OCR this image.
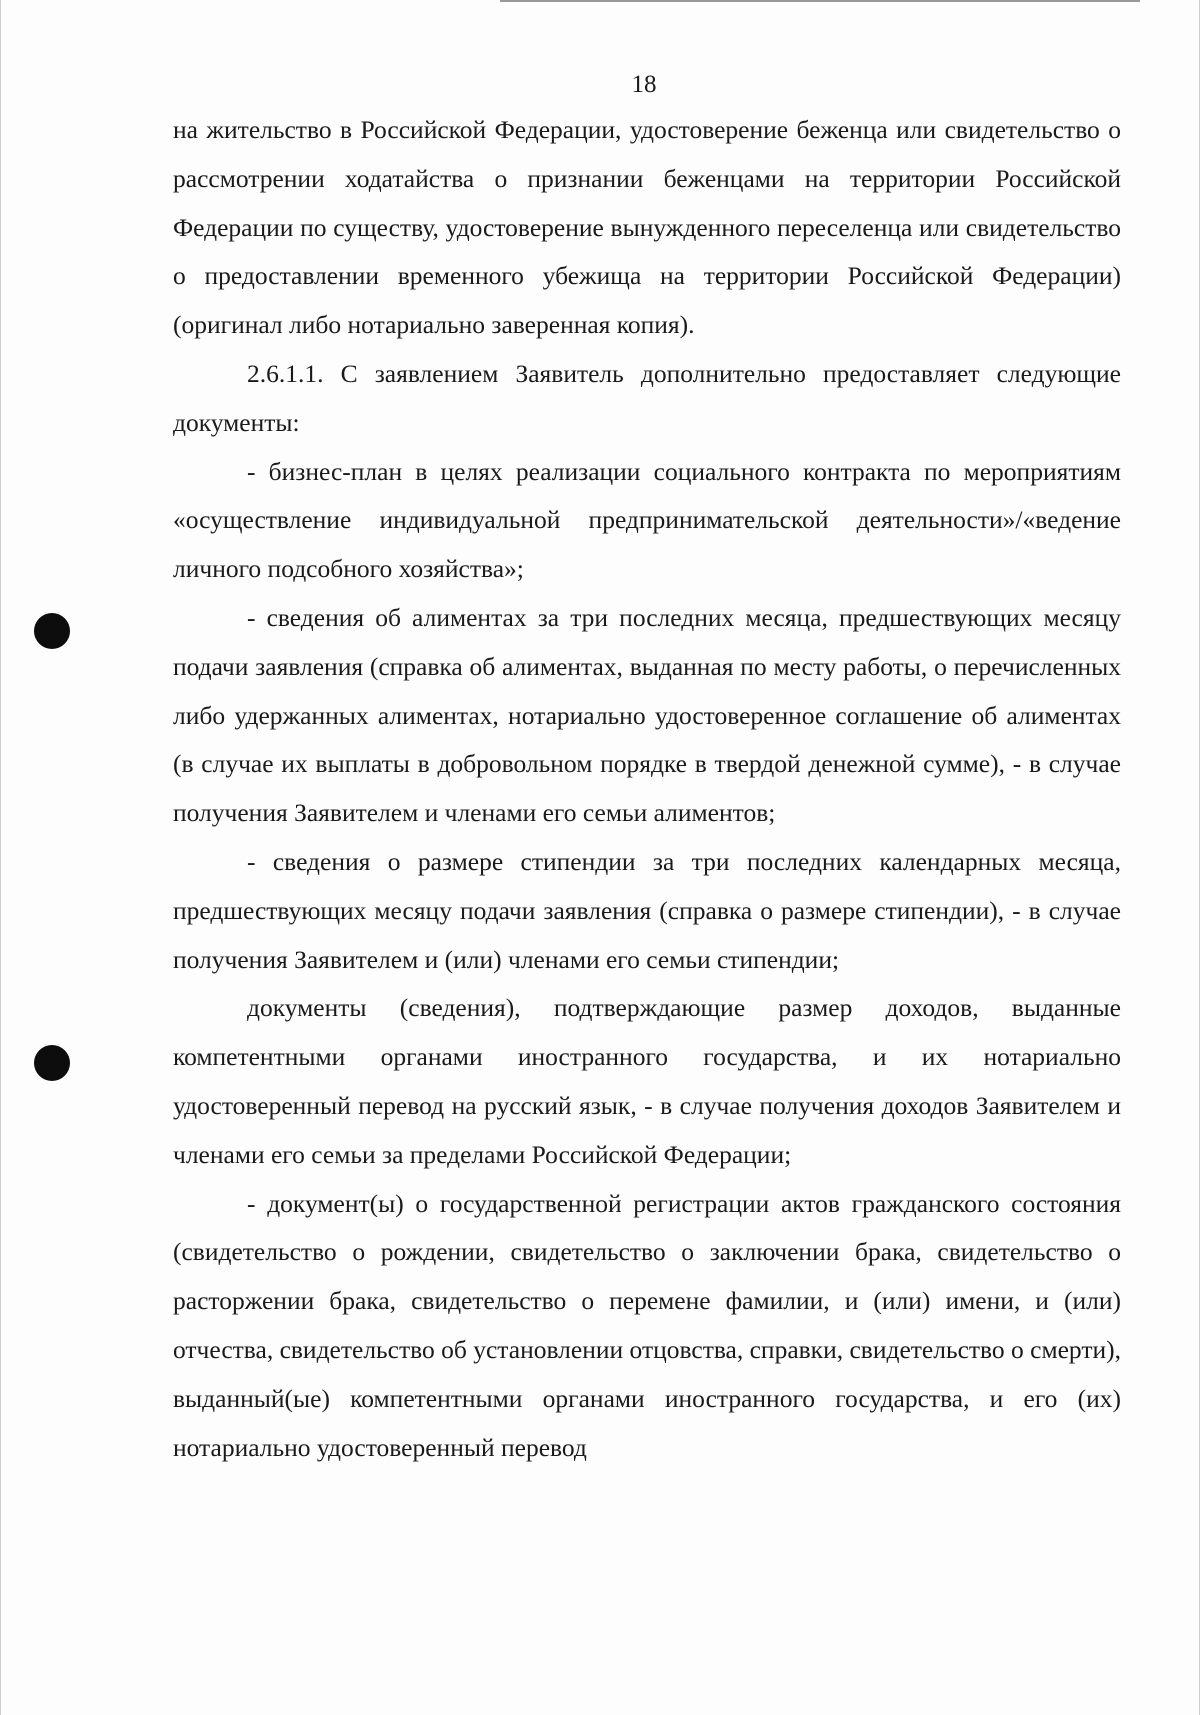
18

на жительство в Российской Федерации, удостоверение беженца или свидетельство о рассмотрении ходатайства о признании беженцами на территории Российской Федерации по существу, удостоверение вынужденного переселенца или свидетельство о предоставлении временного убежища на территории Российской Федерации) (оригинал либо нотариально заверенная копия).

2.6.1.1. С заявлением Заявитель дополнительно предоставляет следующие документы:

- бизнес-план в целях реализации социального контракта по мероприятиям «осуществление индивидуальной предпринимательской деятельности»/«ведение личного подсобного хозяйства»;

- сведения об алиментах за три последних месяца, предшествующих месяцу подачи заявления (справка об алиментах, выданная по месту работы, о перечисленных либо удержанных алиментах, нотариально удостоверенное соглашение об алиментах (в случае их выплаты в добровольном порядке в твердой денежной сумме), - в случае получения Заявителем и членами его семьи алиментов;

- сведения о размере стипендии за три последних календарных месяца, предшествующих месяцу подачи заявления (справка о размере стипендии), - в случае получения Заявителем и (или) членами его семьи стипендии;

документы (сведения), подтверждающие размер доходов, выданные компетентными органами иностранного государства, и их нотариально удостоверенный перевод на русский язык, - в случае получения доходов Заявителем и членами его семьи за пределами Российской Федерации;

- документ(ы) о государственной регистрации актов гражданского состояния (свидетельство о рождении, свидетельство о заключении брака, свидетельство о расторжении брака, свидетельство о перемене фамилии, и (или) имени, и (или) отчества, свидетельство об установлении отцовства, справки, свидетельство о смерти), выданный(ые) компетентными органами иностранного государства, и его (их) нотариально удостоверенный перевод
